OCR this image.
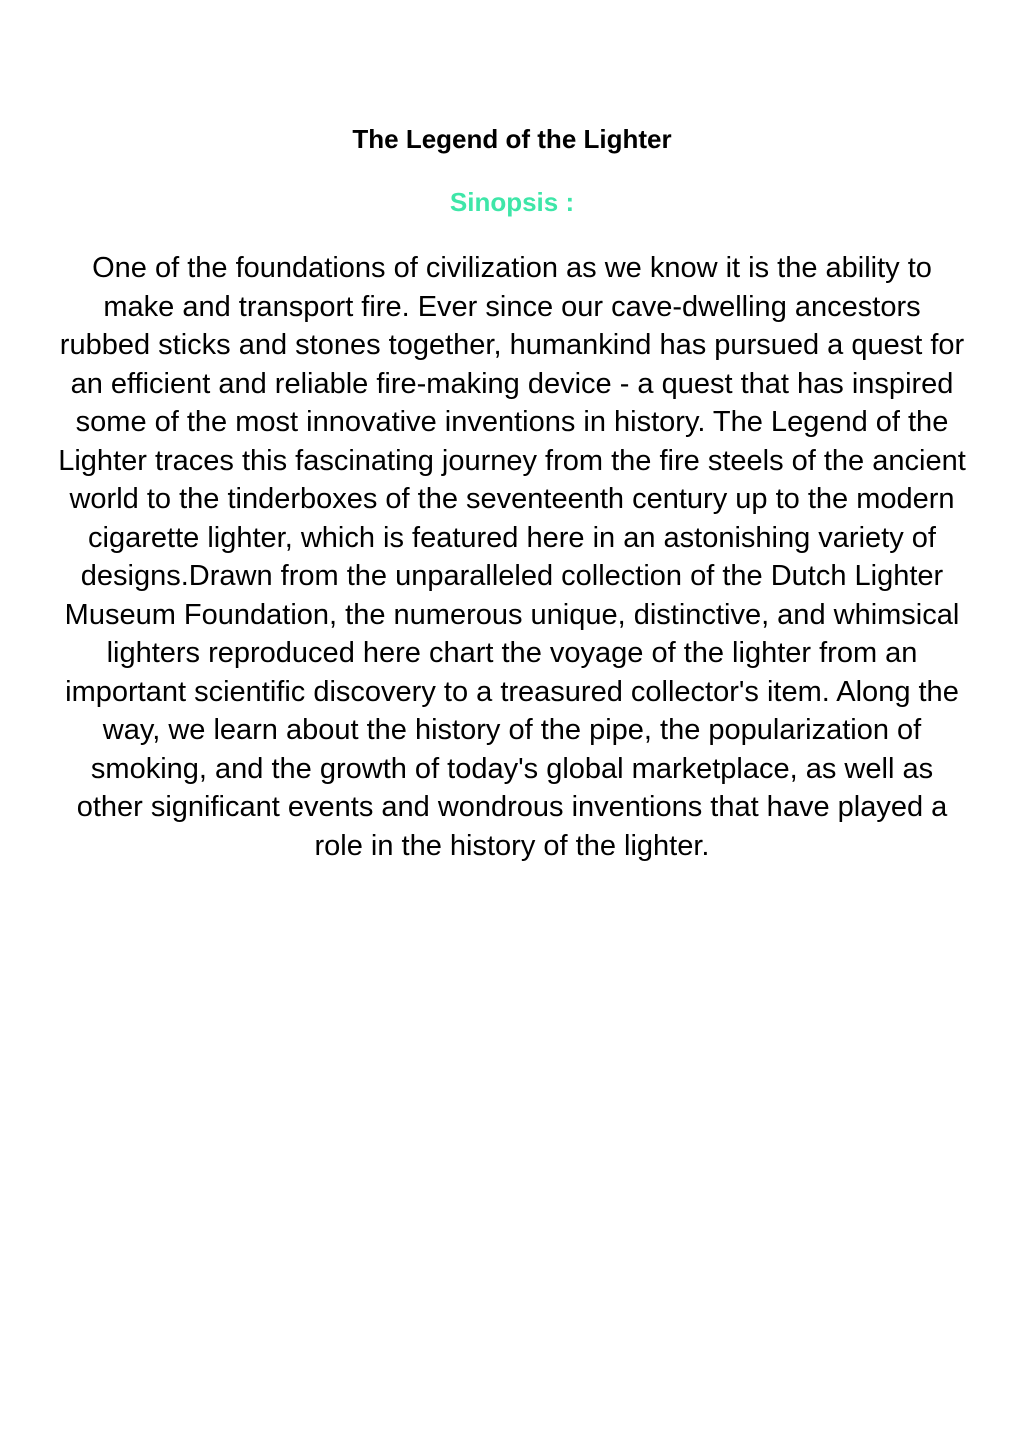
The Legend of the Lighter
Sinopsis :

One of the foundations of civilization as we know it is the ability to make and transport fire. Ever since our cave-dwelling ancestors rubbed sticks and stones together, humankind has pursued a quest for an efficient and reliable fire-making device - a quest that has inspired some of the most innovative inventions in history. The Legend of the Lighter traces this fascinating journey from the fire steels of the ancient world to the tinderboxes of the seventeenth century up to the modern cigarette lighter, which is featured here in an astonishing variety of designs.Drawn from the unparalleled collection of the Dutch Lighter Museum Foundation, the numerous unique, distinctive, and whimsical lighters reproduced here chart the voyage of the lighter from an important scientific discovery to a treasured collector's item. Along the way, we learn about the history of the pipe, the popularization of smoking, and the growth of today's global marketplace, as well as other significant events and wondrous inventions that have played a role in the history of the lighter.
